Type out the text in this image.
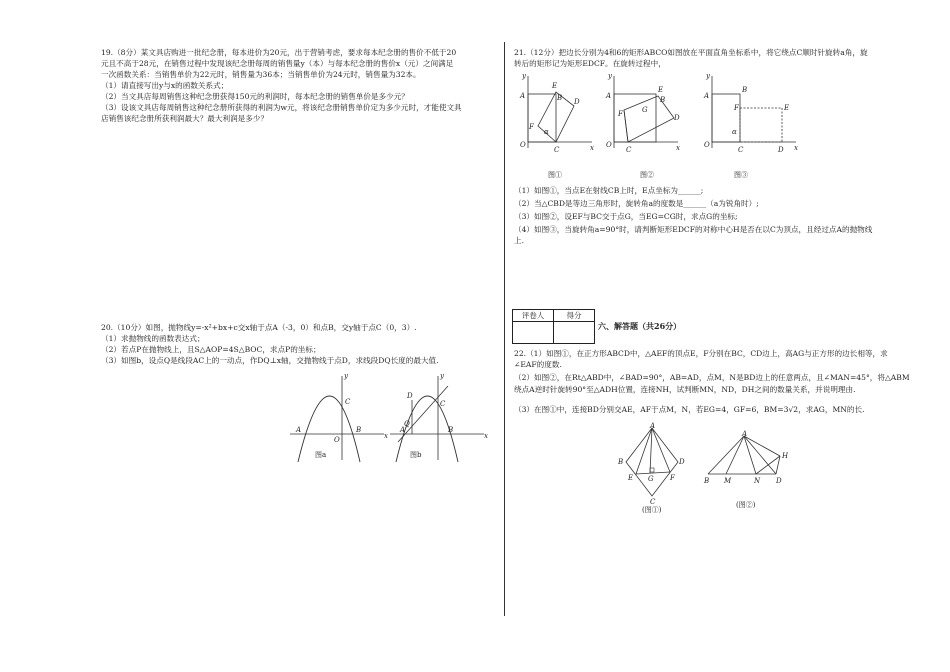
19.（8分）某文具店购进一批纪念册，每本进价为20元，出于营销考虑，要求每本纪念册的售价不低于20
元且不高于28元，在销售过程中发现该纪念册每周的销售量y（本）与每本纪念册的售价x（元）之间满足
一次函数关系：当销售单价为22元时，销售量为36本；当销售单价为24元时，销售量为32本。
（1）请直接写出y与x的函数关系式；
（2）当文具店每周销售这种纪念册获得150元的利润时，每本纪念册的销售单价是多少元？
（3）设该文具店每周销售这种纪念册所获得的利润为w元，将该纪念册销售单价定为多少元时，才能使文具
店销售该纪念册所获利润最大？最大利润是多少？
20.（10分）如图，抛物线y=-x²+bx+c交x轴于点A（-3，0）和点B，交y轴于点C（0，3）.
（1）求抛物线的函数表达式；
（2）若点P在抛物线上，且S△AOP=4S△BOC，求点P的坐标；
（3）如图b，设点Q是线段AC上的一动点，作DQ⊥x轴，交抛物线于点D，求线段DQ长度的最大值.
A
O
B
C
x
y
图a
A
D
C
B
Q
x
y
图b
21.（12分）把边长分别为4和6的矩形ABCO如图放在平面直角坐标系中，将它绕点C顺时针旋转a角，旋
转后的矩形记为矩形EDCF。在旋转过程中，
A
E
B D
F
O
C
α
x
y
图①
A
E
B
D
F	G
O
C	x
y
图②
A
B
F	E
O
C	D
α
x
y
图③
（1）如图①，当点E在射线CB上时，E点坐标为______;
（2）当△CBD是等边三角形时，旋转角a的度数是______（a为锐角时）;
（3）如图②，设EF与BC交于点G，当EG=CG时，求点G的坐标;
（4）如图③，当旋转角a=90°时，请判断矩形EDCF的对称中心H是否在以C为顶点，且经过点A的抛物线
上.
评卷人	得分

六、解答题（共26分）
22.（1）如图①，在正方形ABCD中，△AEF的顶点E，F分别在BC，CD边上，高AG与正方形的边长相等，求
∠EAF的度数.
（2）如图②，在Rt△ABD中，∠BAD=90°，AB=AD，点M，N是BD边上的任意两点，且∠MAN=45°，将△ABM
绕点A逆时针旋转90°至△ADH位置，连接NH，试判断MN，ND，DH之间的数量关系，并说明理由.
（3）在图①中，连接BD分别交AE，AF于点M，N，若EG=4，GF=6，BM=3√2，求AG，MN的长.
A
B	D
C
E G F
(图①)
A
B M	N D
H
(图②)
